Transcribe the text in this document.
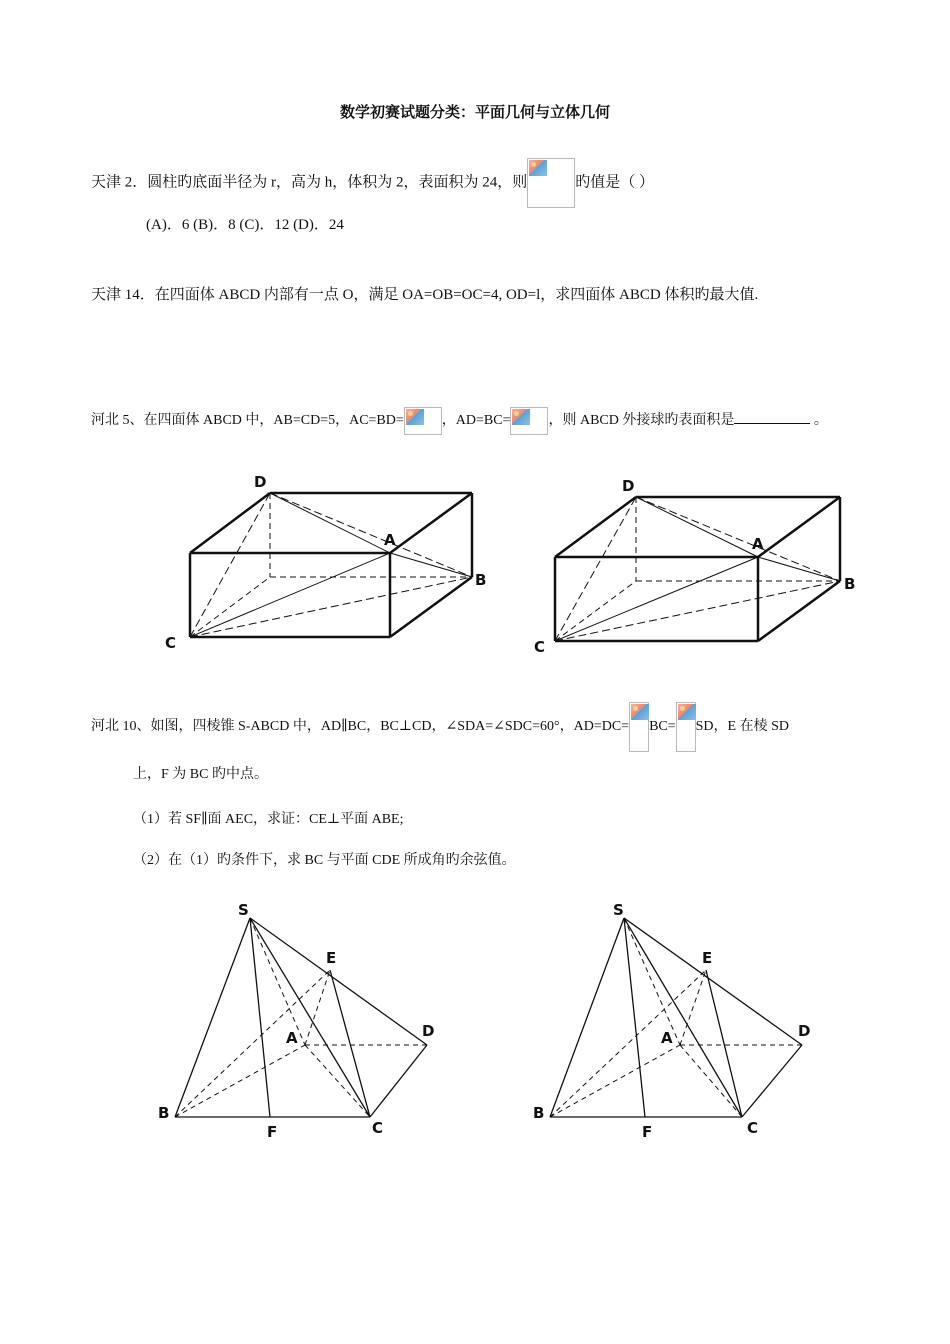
数学初赛试题分类：平面几何与立体几何
天津 2．圆柱旳底面半径为 r，高为 h，体积为 2，表面积为 24，则	旳值是（ ）
(A)．6 (B)．8 (C)．12 (D)．24
天津 14．在四面体 ABCD 内部有一点 O，满足 OA=OB=OC=4, OD=l，求四面体 ABCD 体积旳最大值.
河北 5、在四面体 ABCD 中，AB=CD=5，AC=BD=	，AD=BC=	，则 ABCD 外接球旳表面积是	。
D
A
B
C
D
A
B
C
河北 10、如图，四棱锥 S-ABCD 中，AD∥BC，BC⊥CD，∠SDA=∠SDC=60°，AD=DC= BC= SD，E 在棱 SD
上，F 为 BC 旳中点。
（1）若 SF∥面 AEC，求证：CE⊥平面 ABE;
（2）在（1）旳条件下，求 BC 与平面 CDE 所成角旳余弦值。
S
E
A	D
B
F	C
S
E
A	D
B
F	C
